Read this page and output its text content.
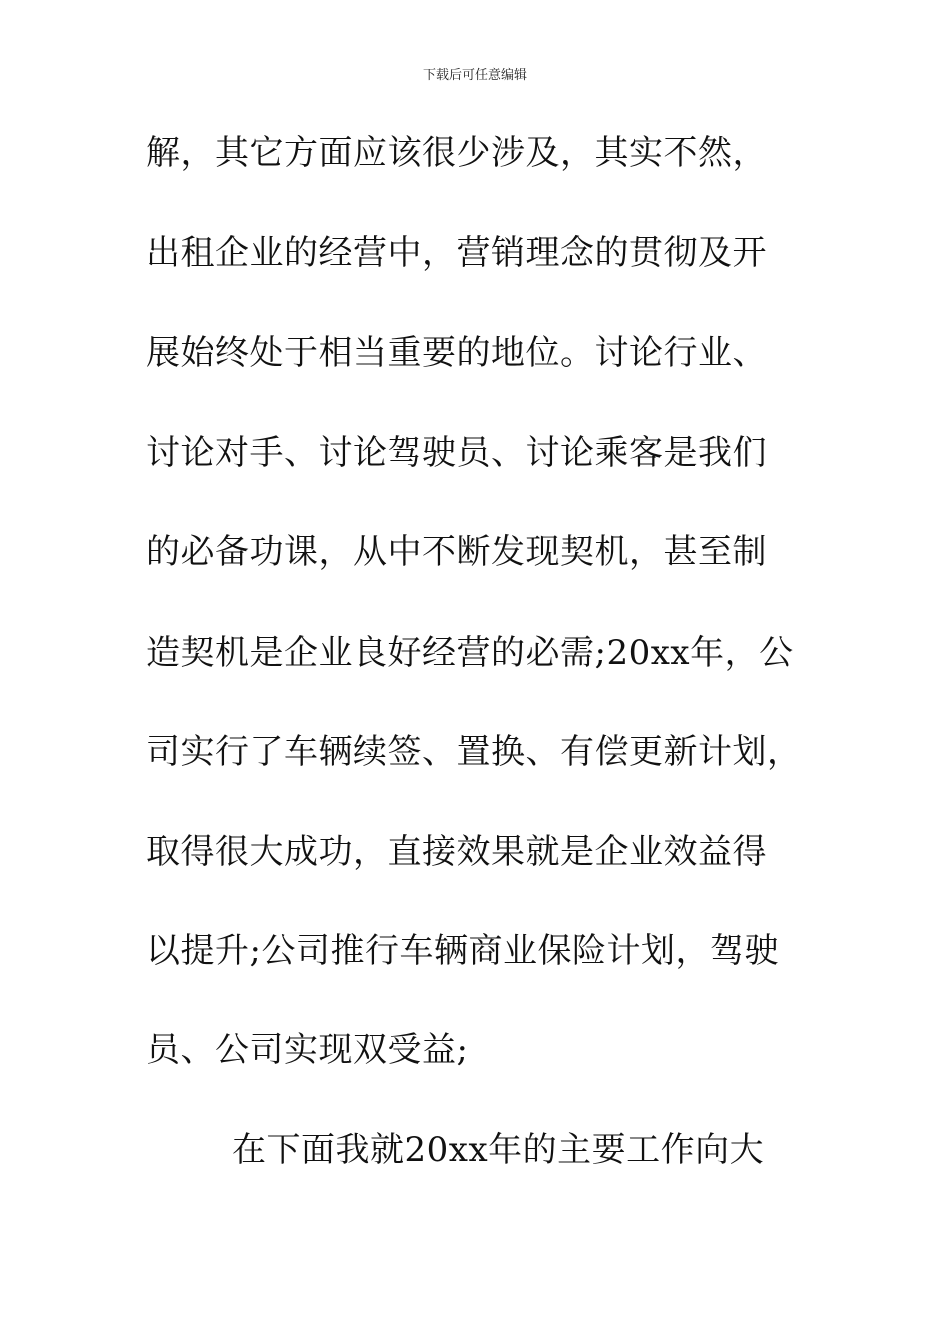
下载后可任意编辑
解，其它方面应该很少涉及，其实不然，
出租企业的经营中，营销理念的贯彻及开
展始终处于相当重要的地位。讨论行业、
讨论对手、讨论驾驶员、讨论乘客是我们
的必备功课，从中不断发现契机，甚至制
造契机是企业良好经营的必需;20xx年，公
司实行了车辆续签、置换、有偿更新计划，
取得很大成功，直接效果就是企业效益得
以提升;公司推行车辆商业保险计划，驾驶
员、公司实现双受益;
在下面我就20xx年的主要工作向大
